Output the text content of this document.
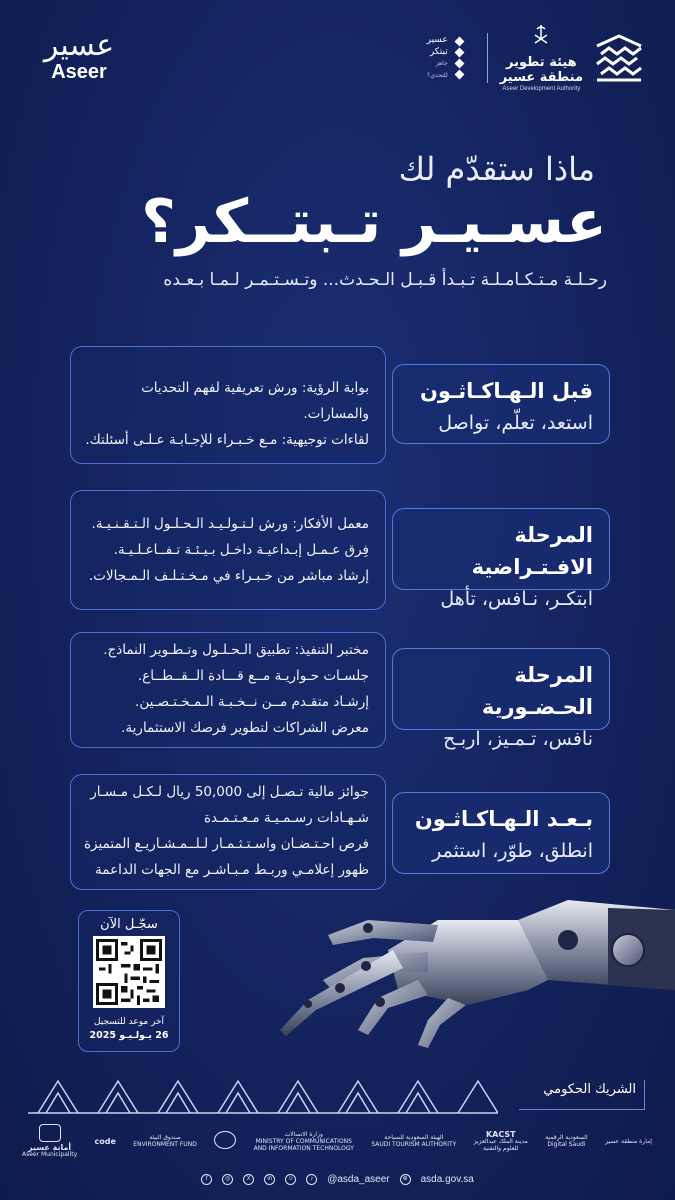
عسير
Aseer	هيئة تطوير
منطقة عسير
Aseer Development Authority
عسير
تبتكر
جاهز
للتحدي؟
ماذا ستقدّم لك
عسـيـر تـبتــكر؟
رحـلـة مـتـكـامـلـة تـبـدأ قـبـل الـحـدث... وتـسـتـمـر لـمـا بـعـده
بوابة الرؤية: ورش تعريفية لفهم التحديات والمسارات.
لقاءات توجيهية: مـع خـبـراء للإجـابـة عـلـى أسئلتك.
قبل الـهـاكـاثـون
استعد، تعلّم، تواصل
معمل الأفكار: ورش لـتـولـيـد الـحـلـول الـتـقـنـيـة.
فِرق عـمـل إبـداعيـة داخـل بـيـئـة تـفــاعـلـيـة.
إرشاد مباشر من خـبـراء في مـخـتـلـف الـمـجالات.
المرحلة الافـتـراضية
ابتكـر، نـافس، تأهل
مختبر التنفيذ: تطبيق الـحـلـول وتـطـوير النماذج.
جلسـات حـواريـة مــع قـــادة الــقــطــاع.
إرشـاد متقـدم مــن نــخـبـة الـمـخـتـصـين.
معرض الشراكات لتطوير فرصك الاستثمارية.
المرحلة الحـضـورية
نافس، تـمـيز، اربـح
جوائز مالية تـصـل إلى 50,000 ريال لـكـل مـسـار
شـهـادات رسـمـيـة مـعـتـمـدة
فرص احـتـضـان واسـتـثـمـار لـلــمـشـاريـع المتميزة
ظهور إعلامـي وربـط مـبـاشـر مع الجهات الداعمة
بـعـد الـهـاكـاثـون
انطلق، طوّر، استثمر
سجّـل الآن
آخر موعد للتسجيل
26 يـولـيـو 2025
الشريك الحكومي
أمانة عسير
Aseer Municipality
code	صندوق البيئة
ENVIRONMENT FUND
وزارة الاتصالات
MINISTRY OF COMMUNICATIONS
AND INFORMATION TECHNOLOGY
الهيئة السعودية للسياحة
SAUDI TOURISM AUTHORITY
KACST
مدينة الملك عبدالعزيز
للعلوم والتقنية
السعودية الرقمية
Digital Saudi	إمارة منطقة عسير
f	◎	X	in	☺	♪	@asda_aseer	⊕ asda.gov.sa
